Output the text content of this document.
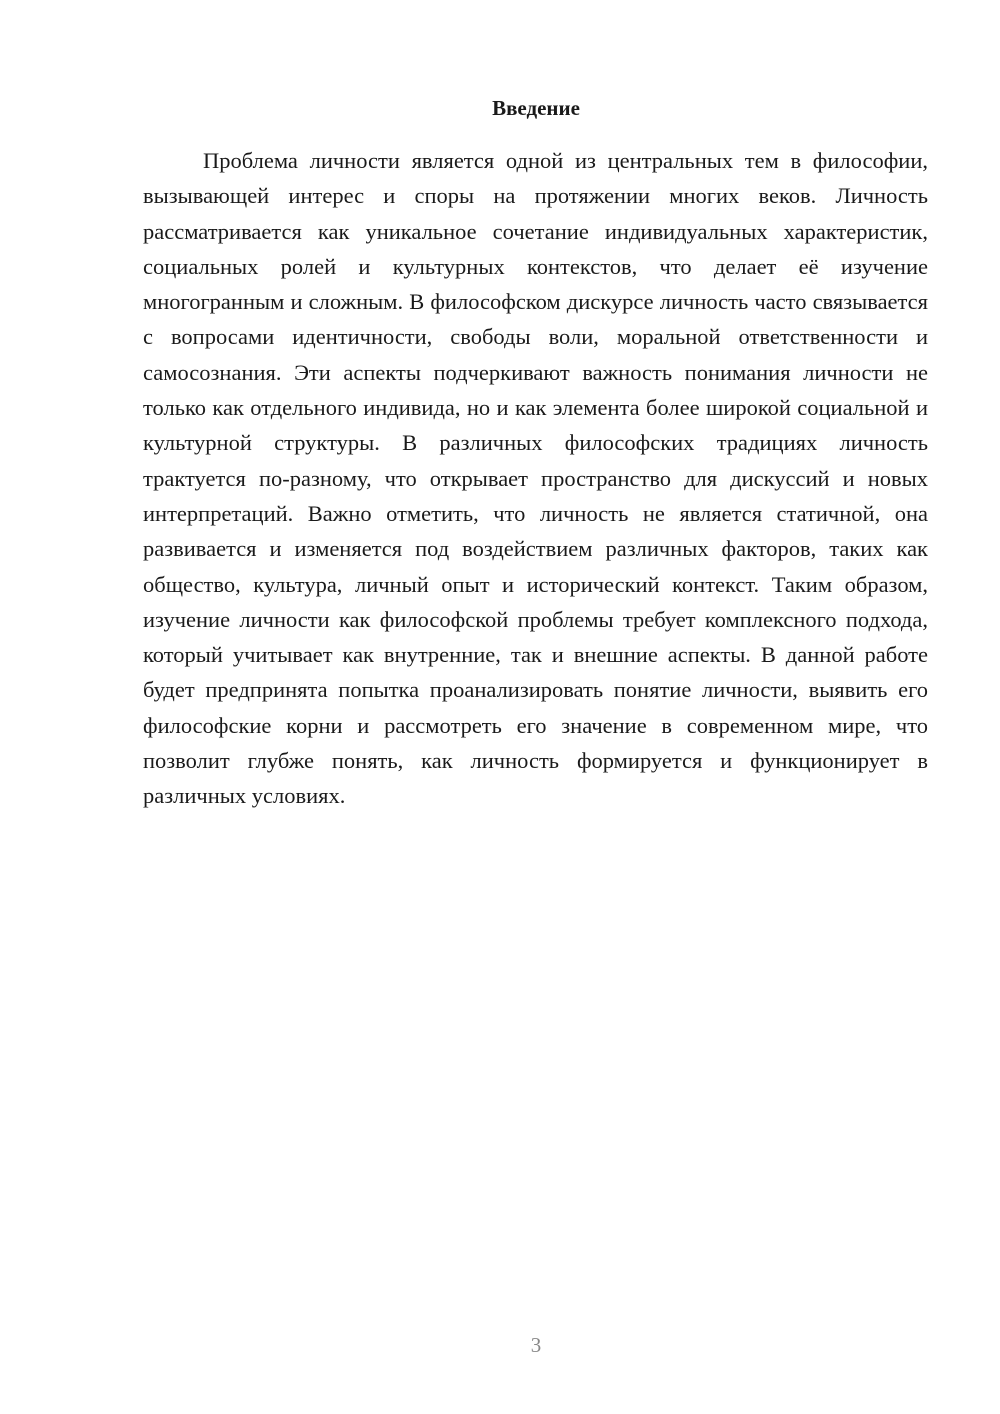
Введение

Проблема личности является одной из центральных тем в философии, вызывающей интерес и споры на протяжении многих веков. Личность рассматривается как уникальное сочетание индивидуальных характеристик, социальных ролей и культурных контекстов, что делает её изучение многогранным и сложным. В философском дискурсе личность часто связывается с вопросами идентичности, свободы воли, моральной ответственности и самосознания. Эти аспекты подчеркивают важность понимания личности не только как отдельного индивида, но и как элемента более широкой социальной и культурной структуры. В различных философских традициях личность трактуется по-разному, что открывает пространство для дискуссий и новых интерпретаций. Важно отметить, что личность не является статичной, она развивается и изменяется под воздействием различных факторов, таких как общество, культура, личный опыт и исторический контекст. Таким образом, изучение личности как философской проблемы требует комплексного подхода, который учитывает как внутренние, так и внешние аспекты. В данной работе будет предпринята попытка проанализировать понятие личности, выявить его философские корни и рассмотреть его значение в современном мире, что позволит глубже понять, как личность формируется и функционирует в различных условиях.

3
